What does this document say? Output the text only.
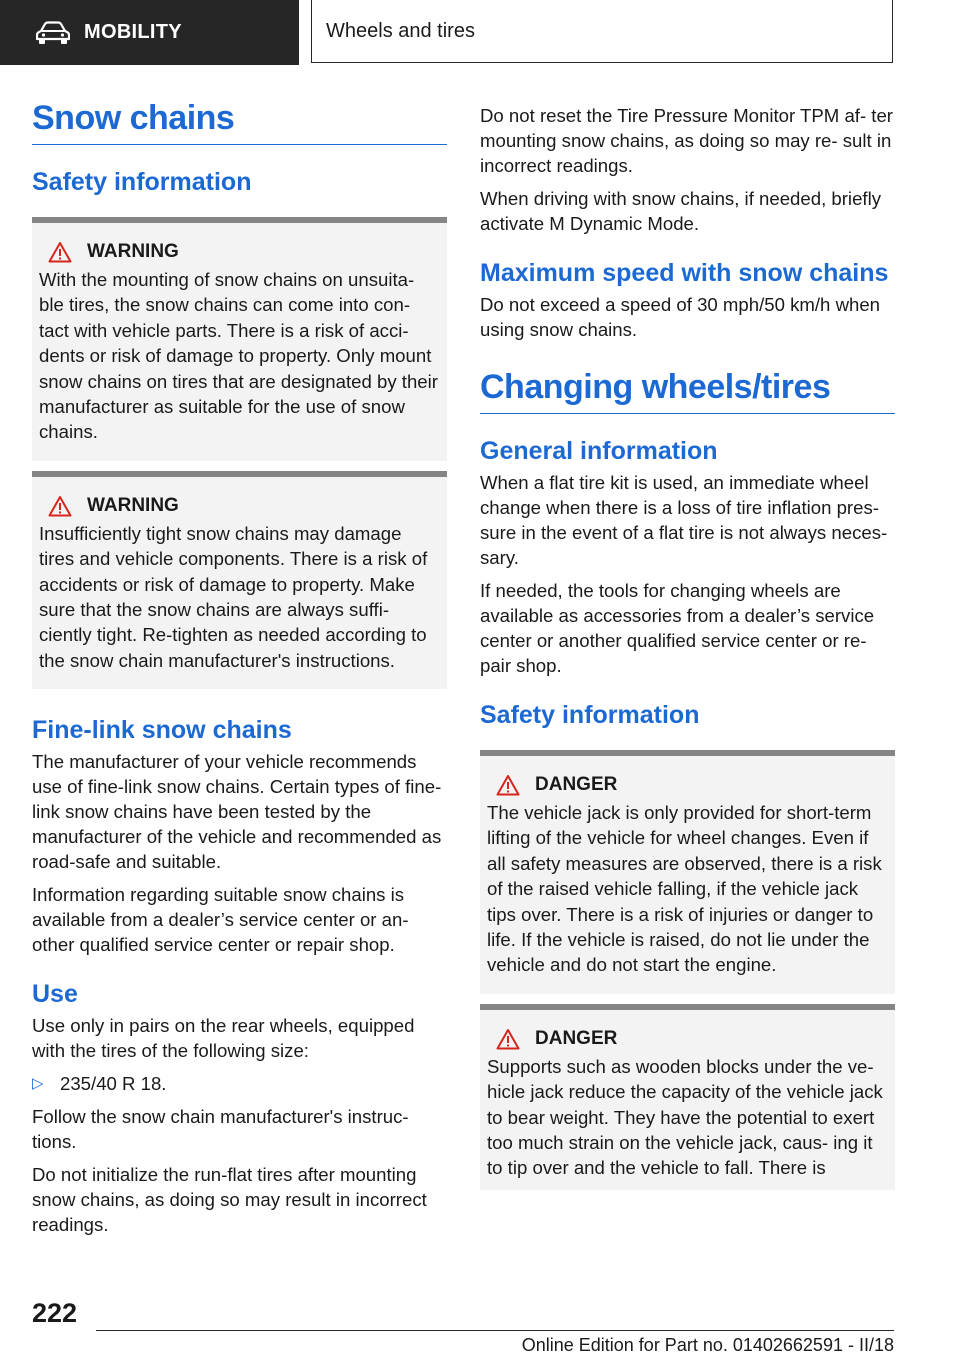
MOBILITY	Wheels and tires
Snow chains
Safety information
WARNING

With the mounting of snow chains on unsuita- ble tires, the snow chains can come into con- tact with vehicle parts. There is a risk of acci- dents or risk of damage to property. Only mount snow chains on tires that are designated by their manufacturer as suitable for the use of snow chains.

WARNING

Insufficiently tight snow chains may damage tires and vehicle components. There is a risk of accidents or risk of damage to property. Make sure that the snow chains are always suffi- ciently tight. Re-tighten as needed according to the snow chain manufacturer's instructions.

Fine-link snow chains

The manufacturer of your vehicle recommends use of fine-link snow chains. Certain types of fine-link snow chains have been tested by the manufacturer of the vehicle and recommended as road-safe and suitable.

Information regarding suitable snow chains is available from a dealer’s service center or an- other qualified service center or repair shop.

Use

Use only in pairs on the rear wheels, equipped with the tires of the following size:

▷ 235/40 R 18.

Follow the snow chain manufacturer's instruc- tions.

Do not initialize the run-flat tires after mounting snow chains, as doing so may result in incorrect readings.

Do not reset the Tire Pressure Monitor TPM af- ter mounting snow chains, as doing so may re- sult in incorrect readings.

When driving with snow chains, if needed, briefly activate M Dynamic Mode.

Maximum speed with snow chains

Do not exceed a speed of 30 mph/50 km/h when using snow chains.

Changing wheels/tires
General information

When a flat tire kit is used, an immediate wheel change when there is a loss of tire inflation pres- sure in the event of a flat tire is not always neces- sary.

If needed, the tools for changing wheels are available as accessories from a dealer’s service center or another qualified service center or re- pair shop.

Safety information
DANGER

The vehicle jack is only provided for short-term lifting of the vehicle for wheel changes. Even if all safety measures are observed, there is a risk of the raised vehicle falling, if the vehicle jack tips over. There is a risk of injuries or danger to life. If the vehicle is raised, do not lie under the vehicle and do not start the engine.

DANGER

Supports such as wooden blocks under the ve- hicle jack reduce the capacity of the vehicle jack to bear weight. They have the potential to exert too much strain on the vehicle jack, caus- ing it to tip over and the vehicle to fall. There is

222
Online Edition for Part no. 01402662591 - II/18
